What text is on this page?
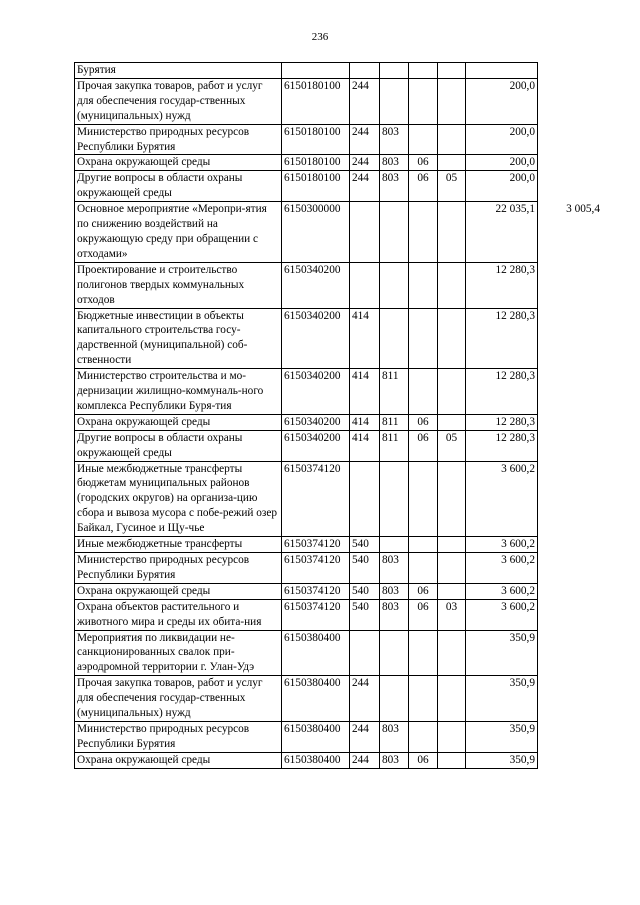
236
Бурятия							
Прочая закупка товаров, работ и услуг для обеспечения государ-ственных (муниципальных) нужд	6150180100	244				200,0	
Министерство природных ресурсов Республики Бурятия	6150180100	244	803			200,0	
Охрана окружающей среды	6150180100	244	803	06		200,0	
Другие вопросы в области охраны окружающей среды	6150180100	244	803	06	05	200,0	
Основное мероприятие «Меропри-ятия по снижению воздействий на окружающую среду при обращении с отходами»	6150300000					22 035,1	3 005,4
Проектирование и строительство полигонов твердых коммунальных отходов	6150340200					12 280,3	
Бюджетные инвестиции в объекты капитального строительства госу-дарственной (муниципальной) соб-ственности	6150340200	414				12 280,3	
Министерство строительства и мо-дернизации жилищно-коммуналь-ного комплекса Республики Буря-тия	6150340200	414	811			12 280,3	
Охрана окружающей среды	6150340200	414	811	06		12 280,3	
Другие вопросы в области охраны окружающей среды	6150340200	414	811	06	05	12 280,3	
Иные межбюджетные трансферты бюджетам муниципальных районов (городских округов) на организа-цию сбора и вывоза мусора с побе-режий озер Байкал, Гусиное и Щу-чье	6150374120					3 600,2	
Иные межбюджетные трансферты	6150374120	540				3 600,2	
Министерство природных ресурсов Республики Бурятия	6150374120	540	803			3 600,2	
Охрана окружающей среды	6150374120	540	803	06		3 600,2	
Охрана объектов растительного и животного мира и среды их обита-ния	6150374120	540	803	06	03	3 600,2	
Мероприятия по ликвидации не-санкционированных свалок при-аэродромной территории г. Улан-Удэ	6150380400					350,9	
Прочая закупка товаров, работ и услуг для обеспечения государ-ственных (муниципальных) нужд	6150380400	244				350,9	
Министерство природных ресурсов Республики Бурятия	6150380400	244	803			350,9	
Охрана окружающей среды	6150380400	244	803	06		350,9	
